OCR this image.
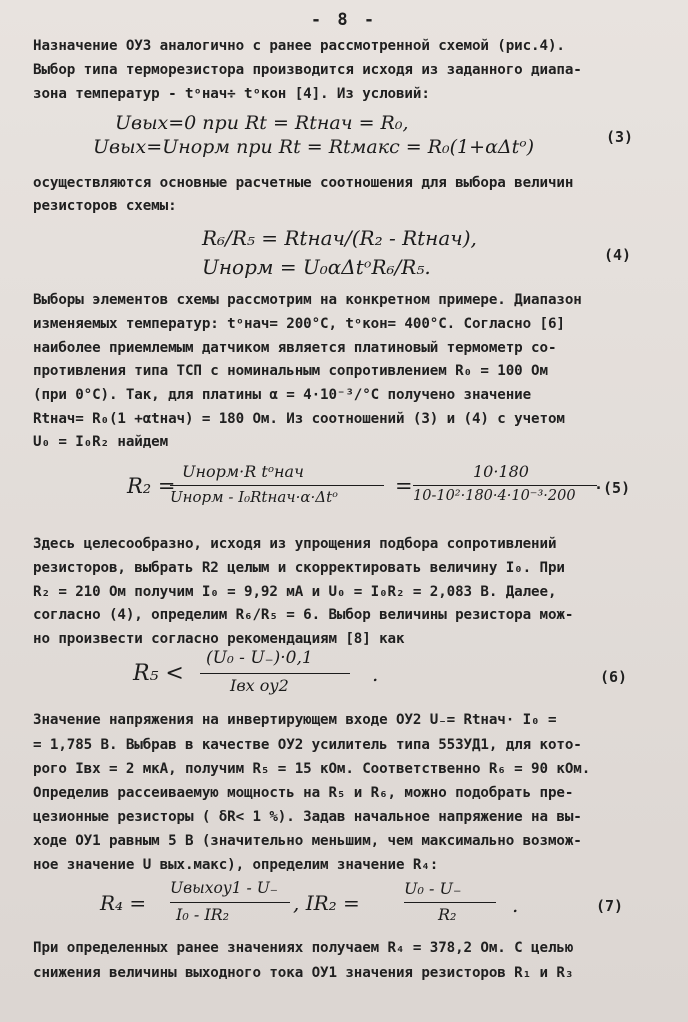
- 8 -
Назначение ОУЗ аналогично с ранее рассмотренной схемой (рис.4).
Выбор типа терморезистора производится исходя из заданного диапа-
зона температур - tᵒнач÷ tᵒкон [4]. Из условий:
Uвых=0 при Rt = Rtнач = R₀,
Uвых=Uнорм при Rt = Rtмакс = R₀(1+αΔtᵒ)	(3)
осуществляются основные расчетные соотношения для выбора величин
резисторов схемы:
R₆/R₅ = Rtнач/(R₂ - Rtнач),
Uнорм = U₀αΔtᵒR₆/R₅.	(4)
Выборы элементов схемы рассмотрим на конкретном примере. Диапазон
изменяемых температур: tᵒнач= 200°С, tᵒкон= 400°С. Согласно [6]
наиболее приемлемым датчиком является платиновый термометр со-
противления типа ТСП с номинальным сопротивлением R₀ = 100 Ом
(при 0°С). Так, для платины α = 4·10⁻³/°С получено значение
Rtнач= R₀(1 +αtнач) = 180 Ом. Из соотношений (3) и (4) с учетом
U₀ = I₀R₂ найдем
R₂ =
Uнорм·R tᵒнач
Uнорм - I₀Rtнач·α·Δtᵒ	=
10·180
10-10²·180·4·10⁻³·200 ·(5)
Здесь целесообразно, исходя из упрощения подбора сопротивлений
резисторов, выбрать R2 целым и скорректировать величину I₀. При
R₂ = 210 Ом получим I₀ = 9,92 мА и U₀ = I₀R₂ = 2,083 В. Далее,
согласно (4), определим R₆/R₅ = 6. Выбор величины резистора мож-
но произвести согласно рекомендациям [8] как
R₅ <
(U₀ - U₋)·0,1
Iвх оу2	.	(6)
Значение напряжения на инвертирующем входе ОУ2 U₋= Rtнач· I₀ =
= 1,785 В. Выбрав в качестве ОУ2 усилитель типа 553УД1, для кото-
рого Iвх = 2 мкА, получим R₅ = 15 кОм. Соответственно R₆ = 90 кОм.
Определив рассеиваемую мощность на R₅ и R₆, можно подобрать пре-
цезионные резисторы ( δR< 1 %). Задав начальное напряжение на вы-
ходе ОУ1 равным 5 В (значительно меньшим, чем максимально возмож-
ное значение U вых.макс), определим значение R₄:
R₄ =
Uвыхоу1 - U₋
I₀ - IR₂	, IR₂ =
U₀ - U₋
R₂	.	(7)
При определенных ранее значениях получаем R₄ = 378,2 Ом. С целью
снижения величины выходного тока ОУ1 значения резисторов R₁ и R₃
